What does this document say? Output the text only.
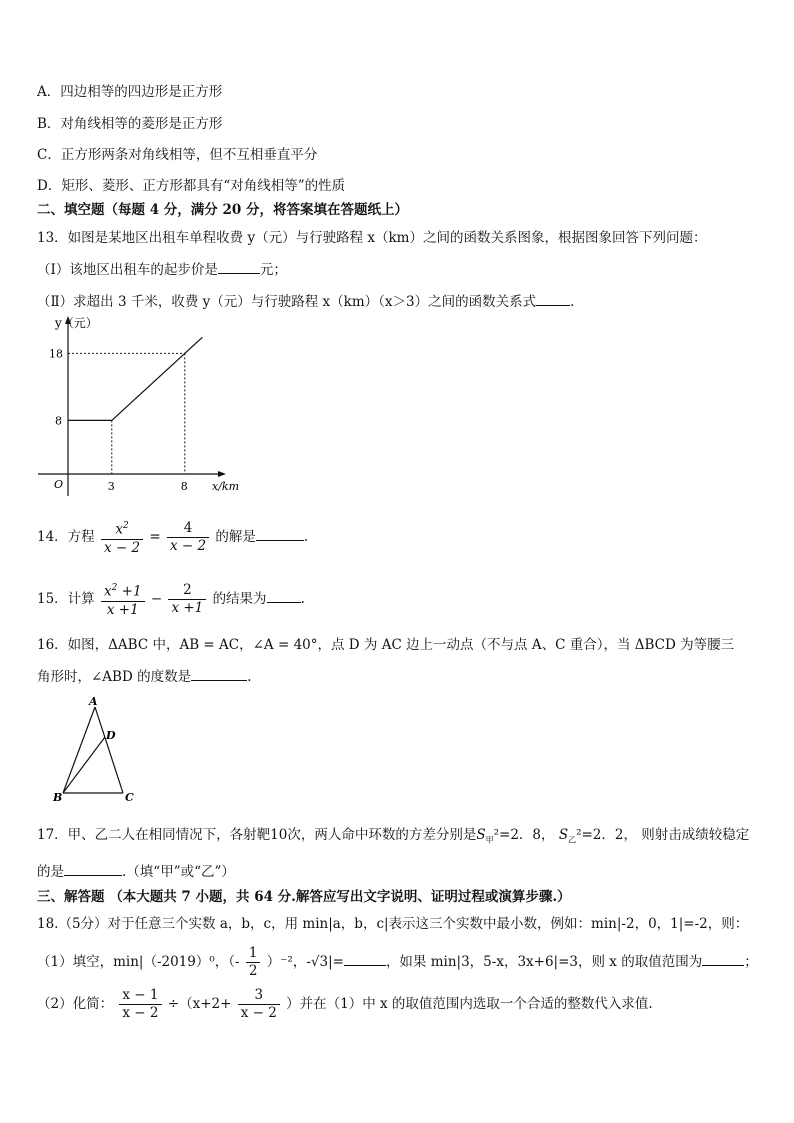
A．四边相等的四边形是正方形
B．对角线相等的菱形是正方形
C．正方形两条对角线相等，但不互相垂直平分
D．矩形、菱形、正方形都具有“对角线相等”的性质
二、填空题（每题 4 分，满分 20 分，将答案填在答题纸上）
13．如图是某地区出租车单程收费 y（元）与行驶路程 x（km）之间的函数关系图象，根据图象回答下列问题：
（Ⅰ）该地区出租车的起步价是	元；
（Ⅱ）求超出 3 千米，收费 y（元）与行驶路程 x（km）（x＞3）之间的函数关系式	.
y（元）
x/km
O	3	8
8
18
14．方程 $\frac{x^2}{x - 2} = \frac{4}{x - 2}$ 的解是	.
15．计算 $\frac{x^2 +1}{x +1} - \frac{2}{x +1}$ 的结果为	.
16．如图，ΔABC 中，AB = AC，∠A = 40°，点 D 为 AC 边上一动点（不与点 A、C 重合），当 ΔBCD 为等腰三
角形时，∠ABD 的度数是	.
A
D
B	C
17．甲、乙二人在相同情况下，各射靶10次，两人命中环数的方差分别是$S_甲^2=2$．8， $S_乙^2=2$．2， 则射击成绩较稳定
的是	.（填“甲”或“乙”）
三、解答题 （本大题共 7 小题，共 64 分.解答应写出文字说明、证明过程或演算步骤.）
18.（5分）对于任意三个实数 a，b，c，用 min|a，b，c|表示这三个实数中最小数，例如：min|-2，0，1|=-2，则：
（1）填空，min|（-2019）⁰，（- $\frac{1}{2} )^{-2}$，-√3|=	，如果 min|3，5-x，3x+6|=3，则 x 的取值范围为	；
（2）化简： $\frac{x - 1}{x - 2} \div(x+2+ \frac{3}{x - 2}$ ）并在（1）中 x 的取值范围内选取一个合适的整数代入求值.
